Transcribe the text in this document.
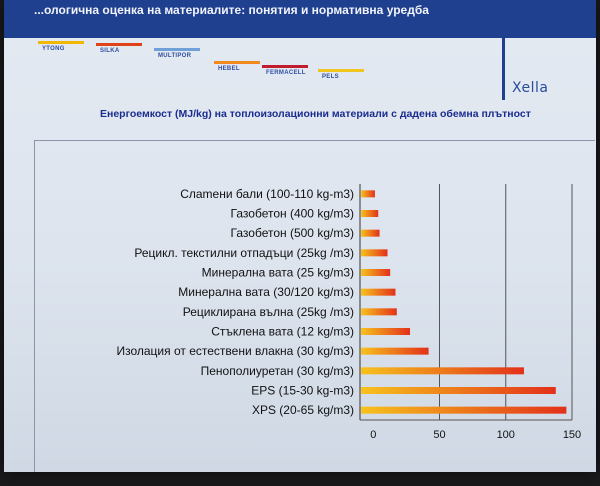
...ологична оценка на материалите: понятия и нормативна уредба
YTONG	SILKA
MULTIPOR
HEBEL
FERMACELL
PELS
Xella
Енергоемкост (MJ/kg) на топлоизолационни материали с дадена обемна плътност
0	50	100	150
Слamени бали (100-110 kg-m3)
Газобетон (400 kg/m3)
Газобетон (500 kg/m3)
Рецикл. текстилни отпадъци (25kg /m3)
Минерална вата (25 kg/m3)
Минерална вата (30/120 kg/m3)
Рециклирана вълна (25kg /m3)
Стъклена вата (12 kg/m3)
Изолация от естествени влакна (30 kg/m3)
Пенополиуретан (30 kg/m3)
EPS (15-30 kg-m3)
XPS (20-65 kg/m3)
